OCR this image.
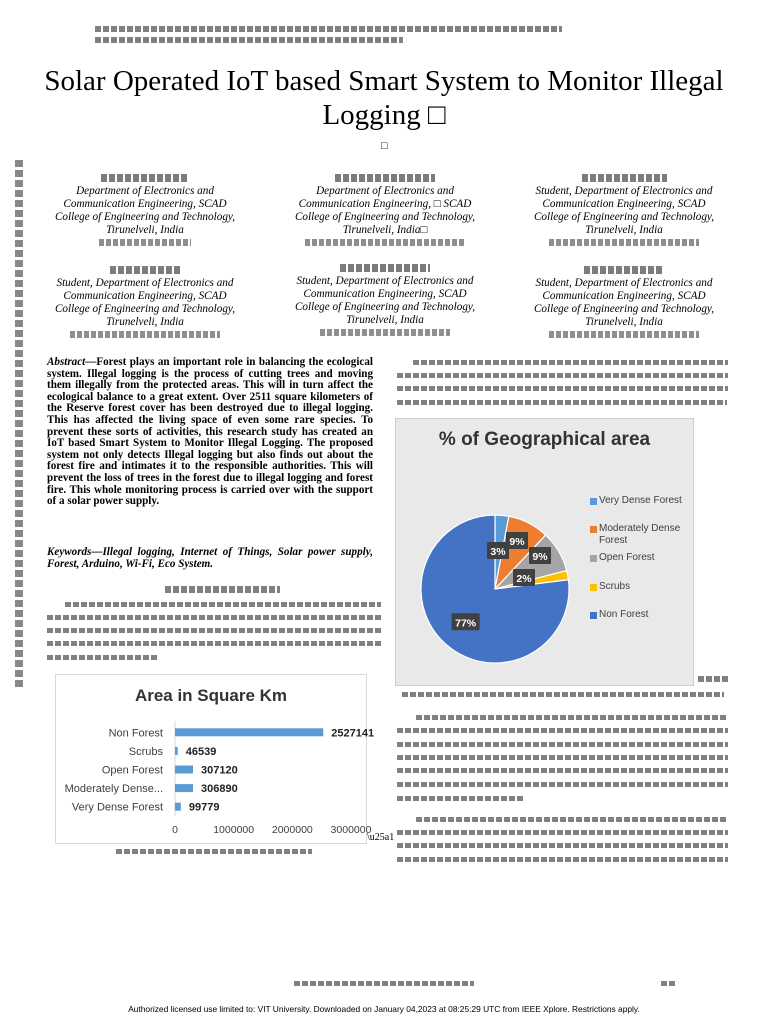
Solar Operated IoT based Smart System to Monitor Illegal Logging □
□
Department of Electronics and Communication Engineering, SCAD College of Engineering and Technology, Tirunelveli, India
Department of Electronics and Communication Engineering, □ SCAD College of Engineering and Technology, Tirunelveli, India□
Student, Department of Electronics and Communication Engineering, SCAD College of Engineering and Technology, Tirunelveli, India
Student, Department of Electronics and Communication Engineering, SCAD College of Engineering and Technology, Tirunelveli, India
Student, Department of Electronics and Communication Engineering, SCAD College of Engineering and Technology, Tirunelveli, India
Student, Department of Electronics and Communication Engineering, SCAD College of Engineering and Technology, Tirunelveli, India
Abstract—Forest plays an important role in balancing the ecological system. Illegal logging is the process of cutting trees and moving them illegally from the protected areas. This will in turn affect the ecological balance to a great extent. Over 2511 square kilometers of the Reserve forest cover has been destroyed due to illegal logging. This has affected the living space of even some rare species. To prevent these sorts of activities, this research study has created an IoT based Smart System to Monitor Illegal Logging. The proposed system not only detects Illegal logging but also finds out about the forest fire and intimates it to the responsible authorities. This will prevent the loss of trees in the forest due to illegal logging and forest fire. This whole monitoring process is carried over with the support of a solar power supply.
Keywords—Illegal logging, Internet of Things, Solar power supply, Forest, Arduino, Wi-Fi, Eco System.
% of Geographical area
3%
9%
9%
2%
77%
Very Dense Forest
Moderately Dense
Forest
Open Forest
Scrubs
Non Forest
Area in Square Km
Non Forest	2527141
Scrubs 46539
Open Forest	307120
Moderately Dense...	306890
Very Dense Forest 99779
0	1000000 2000000 3000000
\u25a1
Authorized licensed use limited to: VIT University. Downloaded on January 04,2023 at 08:25:29 UTC from IEEE Xplore. Restrictions apply.
